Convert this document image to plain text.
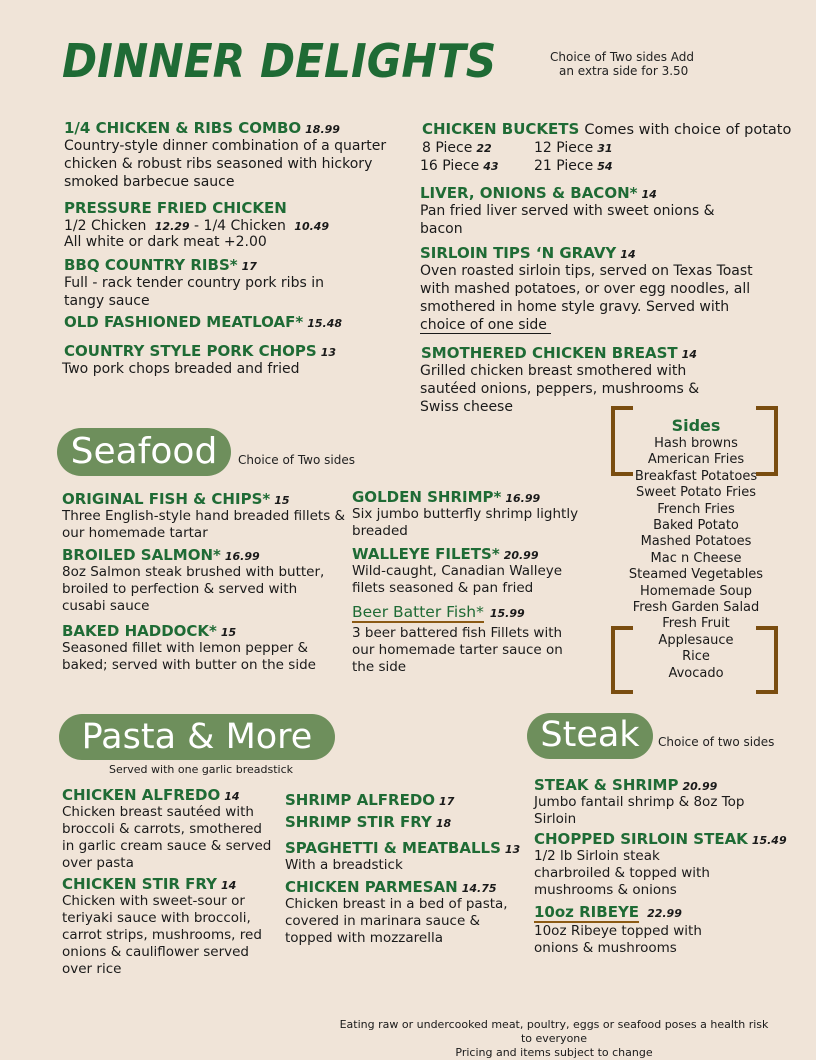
DINNER DELIGHTS	Choice of Two sides Add
an extra side for 3.50
1/4 CHICKEN & RIBS COMBO 18.99
Country-style dinner combination of a quarter chicken & robust ribs seasoned with hickory smoked barbecue sauce
PRESSURE FRIED CHICKEN
1/2 Chicken 12.29 - 1/4 Chicken 10.49
All white or dark meat +2.00
BBQ COUNTRY RIBS* 17
Full - rack tender country pork ribs in tangy sauce
OLD FASHIONED MEATLOAF* 15.48
COUNTRY STYLE PORK CHOPS 13
Two pork chops breaded and fried
CHICKEN BUCKETS Comes with choice of potato
8 Piece 22	12 Piece 31
16 Piece 43	21 Piece 54
LIVER, ONIONS & BACON* 14
Pan fried liver served with sweet onions & bacon
SIRLOIN TIPS ‘N GRAVY 14
Oven roasted sirloin tips, served on Texas Toast with mashed potatoes, or over egg noodles, all smothered in home style gravy. Served with
choice of one side
SMOTHERED CHICKEN BREAST 14
Grilled chicken breast smothered with sautéed onions, peppers, mushrooms & Swiss cheese
Seafood	Choice of Two sides
ORIGINAL FISH & CHIPS* 15
Three English-style hand breaded fillets & our homemade tartar
BROILED SALMON* 16.99
8oz Salmon steak brushed with butter, broiled to perfection & served with cusabi sauce
BAKED HADDOCK* 15
Seasoned fillet with lemon pepper & baked; served with butter on the side
GOLDEN SHRIMP* 16.99
Six jumbo butterfly shrimp lightly breaded
WALLEYE FILETS* 20.99
Wild-caught, Canadian Walleye filets seasoned & pan fried
Beer Batter Fish* 15.99
3 beer battered fish Fillets with our homemade tarter sauce on the side
Sides
Hash browns
American Fries
Breakfast Potatoes
Sweet Potato Fries
French Fries
Baked Potato
Mashed Potatoes
Mac n Cheese
Steamed Vegetables
Homemade Soup
Fresh Garden Salad
Fresh Fruit
Applesauce
Rice
Avocado
Pasta & More
Served with one garlic breadstick
CHICKEN ALFREDO 14
Chicken breast sautéed with broccoli & carrots, smothered in garlic cream sauce & served over pasta
CHICKEN STIR FRY 14
Chicken with sweet-sour or teriyaki sauce with broccoli, carrot strips, mushrooms, red onions & cauliflower served over rice
SHRIMP ALFREDO 17
SHRIMP STIR FRY 18
SPAGHETTI & MEATBALLS 13
With a breadstick
CHICKEN PARMESAN 14.75
Chicken breast in a bed of pasta, covered in marinara sauce & topped with mozzarella
Steak	Choice of two sides
STEAK & SHRIMP 20.99
Jumbo fantail shrimp & 8oz Top Sirloin
CHOPPED SIRLOIN STEAK 15.49
1/2 lb Sirloin steak charbroiled & topped with mushrooms & onions
10oz RIBEYE 22.99
10oz Ribeye topped with onions & mushrooms
Eating raw or undercooked meat, poultry, eggs or seafood poses a health risk to everyone
Pricing and items subject to change
